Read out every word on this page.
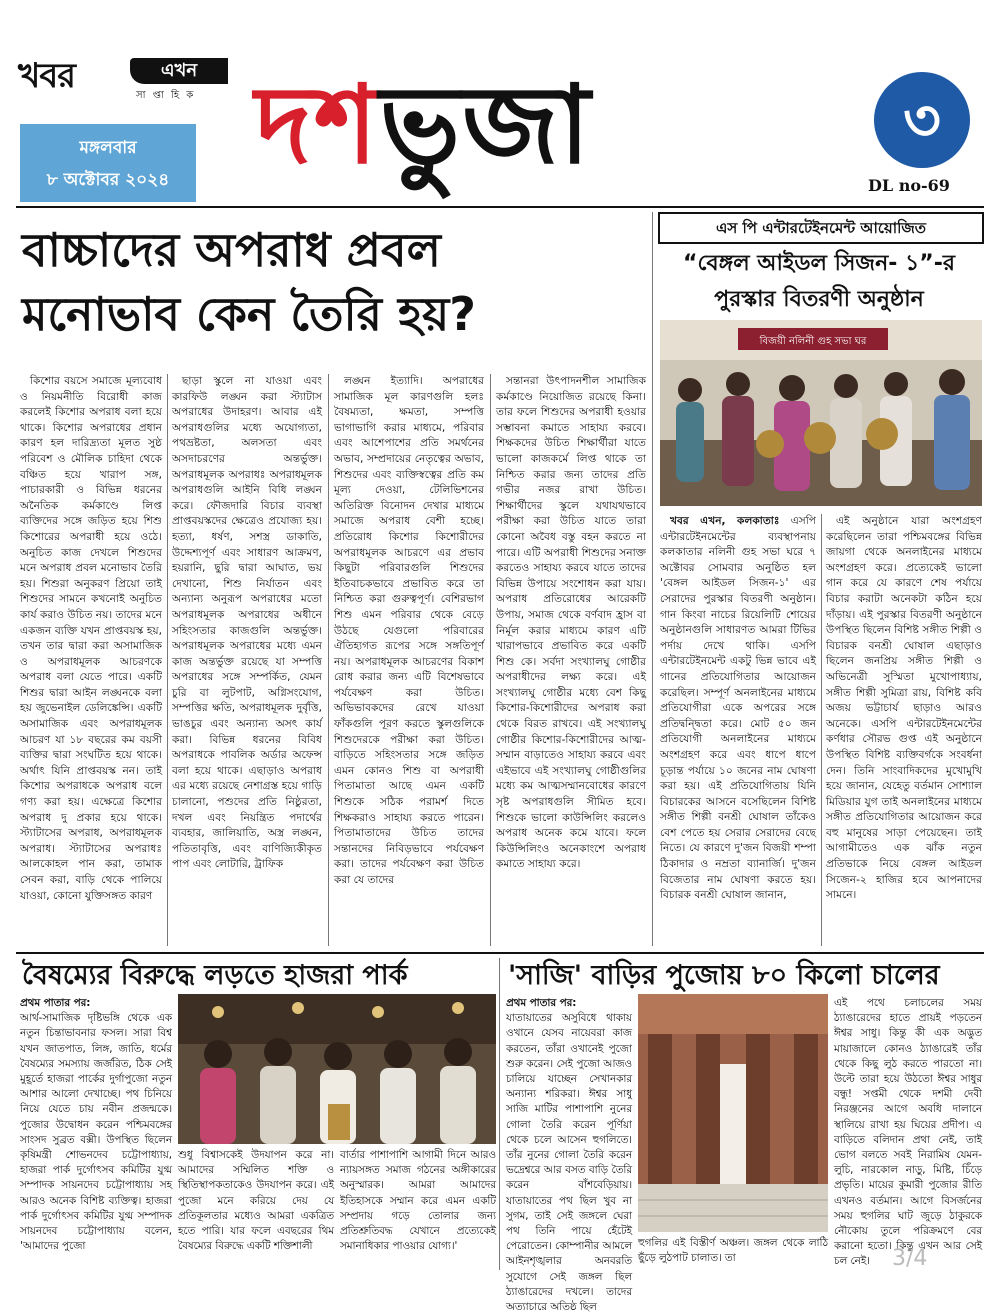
খবর	এখন
সা প্তা হি ক
মঙ্গলবার
৮ অক্টোবর ২০২৪ দশভুজা	৩
DL no-69
বাচ্চাদের অপরাধ প্রবল
মনোভাব কেন তৈরি হয়?

কিশোর বয়সে সমাজে মূল্যবোধ ও নিয়মনীতি বিরোধী কাজ করলেই কিশোর অপরাধ বলা হয়ে থাকে। কিশোর অপরাধের প্রধান কারণ হল দারিদ্র্যতা মূলত সুষ্ঠ পরিবেশ ও মৌলিক চাহিদা থেকে বঞ্চিত হয়ে খারাপ সঙ্গ, পাচারকারী ও বিভিন্ন ধরনের অনৈতিক কর্মকাণ্ডে লিপ্ত ব্যক্তিদের সঙ্গে জড়িত হয়ে শিশু কিশোরের অপরাধী হয়ে ওঠে। অনুচিত কাজ দেখলে শিশুদের মনে অপরাধ প্রবল মনোভাব তৈরি হয়। শিশুরা অনুকরণ প্রিয়ো তাই শিশুদের সামনে কখনোই অনুচিত কার্য করাও উচিত নয়। তাদের মনে একজন ব্যক্তি যখন প্রাপ্তবয়স্ক হয়, তখন তার দ্বারা করা অসামাজিক ও অপরাধমূলক আচরণকে অপরাধ বলা যেতে পারে। একটি শিশুর দ্বারা আইন লঙ্ঘনকে বলা হয় জুভেনাইল ডেলিঙ্কেন্সি। একটি অসামাজিক এবং অপরাধমূলক আচরণ যা ১৮ বছরের কম বয়সী ব্যক্তির দ্বারা সংঘটিত হয়ে থাকে। অর্থাৎ যিনি প্রাপ্তবয়স্ক নন। তাই কিশোর অপরাধকে অপরাধ বলে গণ্য করা হয়। এক্ষেত্রে কিশোর অপরাধ দু প্রকার হয়ে থাকে। স্ট্যাটাসের অপরাধ, অপরাধমূলক অপরাধ। স্ট্যাটাসের অপরাধঃ আলকোহল পান করা, তামাক সেবন করা, বাড়ি থেকে পালিয়ে যাওয়া, কোনো যুক্তিসঙ্গত কারণ

ছাড়া স্কুলে না যাওয়া এবং কারফিউ লঙ্ঘন করা স্ট্যাটাস অপরাধের উদাহরণ। আবার এই অপরাধগুলির মধ্যে অযোগ্যতা, পথভ্রষ্টতা, অলসতা এবং অসদাচরণের অন্তর্ভুক্ত। অপরাধমূলক অপরাধঃ অপরাধমূলক অপরাধগুলি আইনি বিধি লঙ্ঘন করে। ফৌজদারি বিচার ব্যবস্থা প্রাপ্তবয়স্কদের ক্ষেত্রেও প্রযোজ্য হয়। হত্যা, ধর্ষণ, সশস্ত্র ডাকাতি, উদ্দেশ্যপূর্ণ এবং সাধারণ আক্রমণ, হয়রানি, ছুরি দ্বারা আঘাত, ভয় দেখানো, শিশু নির্যাতন এবং অন্যান্য অনুরূপ অপরাধের মতো অপরাধমূলক অপরাধের অধীনে সহিংসতার কাজগুলি অন্তর্ভুক্ত। অপরাধমূলক অপরাধের মধ্যে এমন কাজ অন্তর্ভুক্ত রয়েছে যা সম্পত্তি অপরাধের সঙ্গে সম্পর্কিত, যেমন চুরি বা লুটপাট, অগ্নিসংযোগ, সম্পত্তির ক্ষতি, অপরাধমূলক দুর্বৃত্তি, ভাঙচুর এবং অন্যান্য অসৎ কার্য করা। বিভিন্ন ধরনের বিবিধ অপরাধকে পাবলিক অর্ডার অফেন্স বলা হয়ে থাকে। এছাড়াও অপরাধ এর মধ্যে রয়েছে নেশাগ্রস্ত হয়ে গাড়ি চালানো, পশুদের প্রতি নিষ্ঠুরতা, দখল এবং নিয়ন্ত্রিত পদার্থের ব্যবহার, জালিয়াতি, অস্ত্র লঙ্ঘন, পতিতাবৃত্তি, এবং বাণিজ্যিকীকৃত পাপ এবং লোটারি, ট্রাফিক

লঙ্ঘন ইত্যাদি। অপরাধের সামাজিক মূল কারণগুলি হলঃ বৈষম্যতা, ক্ষমতা, সম্পত্তি ভাগাভাগি করার মাধ্যমে, পরিবার এবং আশেপাশের প্রতি সমর্থনের অভাব, সম্প্রদায়ের নেতৃত্বের অভাব, শিশুদের এবং ব্যক্তিস্বত্বের প্রতি কম মূল্য দেওয়া, টেলিভিশনের অতিরিক্ত বিনোদন দেখার মাধ্যমে সমাজে অপরাধ বেশী হচ্ছে। প্রতিরোধ কিশোর কিশোরীদের অপরাধমূলক আচরণে এর প্রভাব কিছুটা পরিবারগুলি শিশুদের ইতিবাচকভাবে প্রভাবিত করে তা নিশ্চিত করা গুরুত্বপূর্ণ। বেশিরভাগ শিশু এমন পরিবার থেকে বেড়ে উঠছে যেগুলো পরিবারের ঐতিহ্যগত রূপের সঙ্গে সঙ্গতিপূর্ণ নয়। অপরাধমূলক আচরণের বিকাশ রোধ করার জন্য এটি বিশেষভাবে পর্যবেক্ষণ করা উচিত। অভিভাবকদের রেখে যাওয়া ফাঁকগুলি পূরণ করতে স্কুলগুলিকে শিশুদেরকে পরীক্ষা করা উচিত। বাড়িতে সহিংসতার সঙ্গে জড়িত এমন কোনও শিশু বা অপরাধী পিতামাতা আছে এমন একটি শিশুকে সঠিক পরামর্শ দিতে শিক্ষকরাও সাহায্য করতে পারেন। পিতামাতাদের উচিত তাদের সন্তানদের নিবিড়ভাবে পর্যবেক্ষণ করা। তাদের পর্যবেক্ষণ করা উচিত করা যে তাদের

সন্তানরা উৎপাদনশীল সামাজিক কর্মকাণ্ডে নিয়োজিত রয়েছে কিনা। তার ফলে শিশুদের অপরাধী হওয়ার সম্ভাবনা কমাতে সাহায্য করবে। শিক্ষকদের উচিত শিক্ষার্থীরা যাতে ভালো কাজকর্মে লিপ্ত থাকে তা নিশ্চিত করার জন্য তাদের প্রতি গভীর নজর রাখা উচিত। শিক্ষার্থীদের স্কুলে যথাযথভাবে পরীক্ষা করা উচিত যাতে তারা কোনো অবৈধ বস্তু বহন করতে না পারে। এটি অপরাধী শিশুদের সনাক্ত করতেও সাহায্য করবে যাতে তাদের বিভিন্ন উপায়ে সংশোধন করা যায়। অপরাধ প্রতিরোধের আরেকটি উপায়, সমাজ থেকে বর্ণবাদ হ্রাস বা নির্মূল করার মাধ্যমে কারণ এটি খারাপভাবে প্রভাবিত করে একটি শিশু কে। সর্বদা সংখ্যালঘু গোষ্ঠীর অপরাধীদের লক্ষ্য করে। এই সংখ্যালঘু গোষ্ঠীর মধ্যে বেশ কিছু কিশোর-কিশোরীদের অপরাধ করা থেকে বিরত রাখবে। এই সংখ্যালঘু গোষ্ঠীর কিশোর-কিশোরীদের আত্ম-সম্মান বাড়াতেও সাহায্য করবে এবং এইভাবে এই সংখ্যালঘু গোষ্ঠীগুলির মধ্যে কম আত্মসম্মানবোধের কারণে সৃষ্ট অপরাধগুলি সীমিত হবে। শিশুকে ভালো কাউন্সিলিং করলেও অপরাধ অনেক কমে যাবে। ফলে কিউন্সিলিংও অনেকাংশে অপরাধ কমাতে সাহায্য করে।

এস পি এন্টারটেইনমেন্ট আয়োজিত
“বেঙ্গল আইডল সিজন- ১”-র
পুরস্কার বিতরণী অনুষ্ঠান
বিজয়ী নলিনী গুহ সভা ঘর

খবর এখন, কলকাতাঃ এসপি এন্টারটেইনমেন্টের ব্যবস্থাপনায় কলকাতার নলিনী গুহ সভা ঘরে ৭ অক্টোবর সোমবার অনুষ্ঠিত হল 'বেঙ্গল আইডল সিজন-১' এর সেরাদের পুরস্কার বিতরণী অনুষ্ঠান। গান কিংবা নাচের রিয়েলিটি শোয়ের অনুষ্ঠানগুলি সাধারণত আমরা টিভির পর্দায় দেখে থাকি। এসপি এন্টারটেইনমেন্ট একটু ভিন্ন ভাবে এই গানের প্রতিযোগিতার আয়োজন করেছিল। সম্পূর্ণ অনলাইনের মাধ্যমে প্রতিযোগীরা একে অপরের সঙ্গে প্রতিদ্বন্দ্বিতা করে। মোট ৫০ জন প্রতিযোগী অনলাইনের মাধ্যমে অংশগ্রহণ করে এবং ধাপে ধাপে চূড়ান্ত পর্যায়ে ১০ জনের নাম ঘোষণা করা হয়। এই প্রতিযোগিতায় যিনি বিচারকের আসনে বসেছিলেন বিশিষ্ট সঙ্গীত শিল্পী বনশ্রী ঘোষাল তাঁকেও বেশ পেতে হয় সেরার সেরাদের বেছে নিতে। যে কারণে দু'জন বিজয়ী শম্পা ঠিকাদার ও নম্রতা ব্যানার্জি। দু'জন বিজেতার নাম ঘোষণা করতে হয়। বিচারক বনশ্রী ঘোষাল জানান,

এই অনুষ্ঠানে যারা অংশগ্রহণ করেছিলেন তারা পশ্চিমবঙ্গের বিভিন্ন জায়গা থেকে অনলাইনের মাধ্যমে অংশগ্রহণ করে। প্রত্যেকেই ভালো গান করে যে কারণে শেষ পর্যায়ে বিচার করাটা অনেকটা কঠিন হয়ে দাঁড়ায়। এই পুরস্কার বিতরণী অনুষ্ঠানে উপস্থিত ছিলেন বিশিষ্ট সঙ্গীত শিল্পী ও বিচারক বনশ্রী ঘোষাল এছাড়াও ছিলেন জনপ্রিয় সঙ্গীত শিল্পী ও অভিনেত্রী সুস্মিতা মুখোপাধ্যায়, সঙ্গীত শিল্পী সুমিত্রা রায়, বিশিষ্ট কবি অজয় ভট্টাচার্য ছাড়াও আরও অনেকে। এসপি এন্টারটেইনমেন্টের কর্ণধার সৌরভ গুপ্ত এই অনুষ্ঠানে উপস্থিত বিশিষ্ট ব্যক্তিবর্গকে সংবর্ধনা দেন। তিনি সাংবাদিকদের মুখোমুখি হয়ে জানান, যেহেতু বর্তমান সোশ্যাল মিডিয়ার যুগ তাই অনলাইনের মাধ্যমে সঙ্গীত প্রতিযোগিতার আয়োজন করে বহু মানুষের সাড়া পেয়েছেন। তাই আগামীতেও এক ঝাঁক নতুন প্রতিভাকে নিয়ে বেঙ্গল আইডল সিজেন-২ হাজির হবে আপনাদের সামনে।

বৈষম্যের বিরুদ্ধে লড়তে হাজরা পার্ক	'সাজি' বাড়ির পুজোয় ৮০ কিলো চালের

প্রথম পাতার পর:
আর্থ-সামাজিক দৃষ্টিভঙ্গি থেকে এক নতুন চিন্তাভাবনার ফসল। সারা বিশ্ব যখন জাতপাত, লিঙ্গ, জাতি, ধর্মের বৈষম্যের সমস্যায় জর্জরিত, ঠিক সেই মুহূর্তে হাজরা পার্কের দুর্গাপুজো নতুন আশার আলো দেখাচ্ছে। পথ চিনিয়ে নিয়ে যেতে চায় নবীন প্রজন্মকে। পুজোর উদ্বোধন করেন পশ্চিমবঙ্গের সাংসদ সুব্রত বক্সী। উপস্থিত ছিলেন কৃষিমন্ত্রী শোভনদেব চট্টোপাধ্যায়, হাজরা পার্ক দুর্গোৎসব কমিটির যুগ্ম সম্পাদক সায়নদেব চট্টোপাধ্যায় সহ আরও অনেক বিশিষ্ট ব্যক্তিত্ব। হাজরা পার্ক দুর্গোৎসব কমিটির যুগ্ম সম্পাদক সায়নদেব চট্টোপাধ্যায় বলেন, 'আমাদের পুজো

শুধু বিশ্বাসকেই উদযাপন করে না। আমাদের সম্মিলিত শক্তি ও স্থিতিস্থাপকতাকেও উদযাপন করে। এই পুজো মনে করিয়ে দেয় যে প্রতিকূলতার মধ্যেও আমরা একত্রিত হতে পারি। যার ফলে এবছরের থিম বৈষম্যের বিরুদ্ধে একটি শক্তিশালী

বার্তার পাশাপাশি আগামী দিনে আরও ন্যায়সঙ্গত সমাজ গঠনের অঙ্গীকারের অনুস্মারক। আমরা আমাদের ইতিহাসকে সম্মান করে এমন একটি সম্প্রদায় গড়ে তোলার জন্য প্রতিশ্রুতিবদ্ধ যেখানে প্রত্যেকেই সমানাধিকার পাওয়ার যোগ্য।'

প্রথম পাতার পর:
যাতায়াতের অসুবিধে থাকায় ওখানে যেসব নায়েবরা কাজ করতেন, তাঁরা ওখানেই পুজো শুরু করেন। সেই পুজো আজও চালিয়ে যাচ্ছেন সেখানকার অন্যান্য শরিকরা। ঈশ্বর সাধু সাজি মাটির পাশাপাশি নুনের গোলা তৈরি করেন পূর্ণিয়া থেকে চলে আসেন হুগলিতে। তাঁর নুনের গোলা তৈরি করেন ভদ্রেশ্বরে আর বসত বাড়ি তৈরি করেন বাঁশবেড়িয়ায়। যাতায়াতের পথ ছিল খুব না সুগম, তাই সেই জঙ্গলে ঘেরা পথ তিনি পায়ে হেঁটেই পেরোতেন। কোম্পানীর আমলে আইনশৃঙ্খলার অনবরতি সুযোগে সেই জঙ্গল ছিল ঠ্যাঙারেদের দখলে। তাদের অত্যাচারে অতিষ্ঠ ছিল

হুগলির এই বিস্তীর্ণ অঞ্চল। জঙ্গল থেকে লাঠি ছুঁড়ে লুঠপাট চালাত। তা

এই পথে চলাচলের সময় ঠ্যাঙারেদের হাতে প্রায়ই পড়তেন ঈশ্বর সাধু। কিন্তু কী এক অদ্ভুত মায়াজালে কোনও ঠ্যাঙারেই তাঁর থেকে কিছু লুঠ করতে পারতো না। উল্টে তারা হয়ে উঠতো ঈশ্বর সাধুর বন্ধু! সপ্তমী থেকে দশমী দেবী নিরঞ্জনের আগে অবধি দালানে স্থালিয়ে রাখা হয় ঘিয়ের প্রদীপ। এ বাড়িতে বলিদান প্রথা নেই, তাই ভোগ বলতে সবই নিরামিষ যেমন-লুচি, নারকোল নাড়ু, মিষ্টি, চিঁড়ে প্রভৃতি। মায়ের কুমারী পুজোর রীতি এখনও বর্তমান। আগে বিসর্জনের সময় হুগলির ঘাট জুড়ে ঠাকুরকে নৌকোয় তুলে পরিক্রমণে বের করানো হতো। কিন্তু এখন আর সেই চল নেই।	3/4
